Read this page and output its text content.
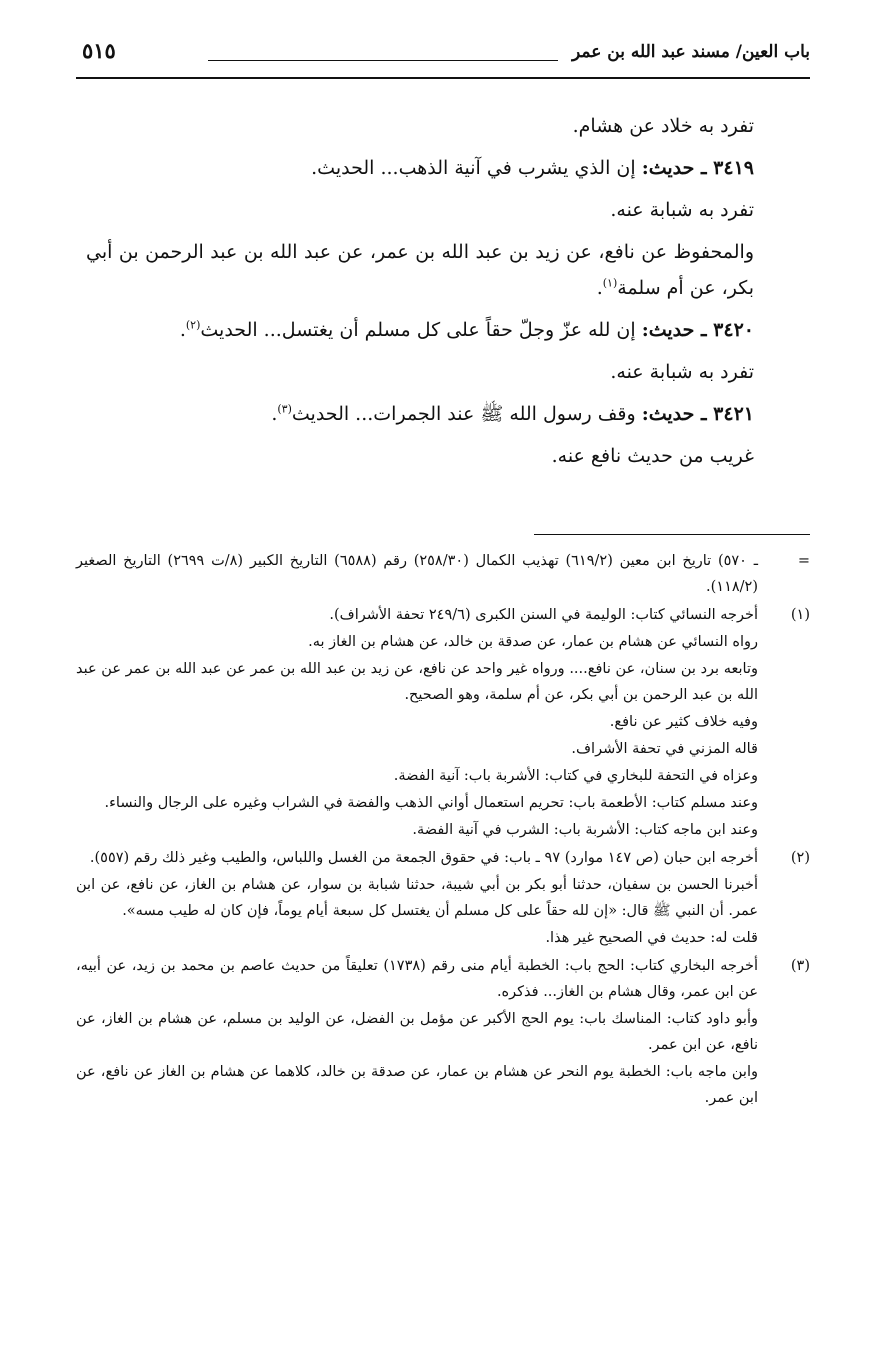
باب العين/ مسند عبد الله بن عمر
٥١٥

تفرد به خلاد عن هشام.

٣٤١٩ ـ حديث: إن الذي يشرب في آنية الذهب... الحديث.

تفرد به شبابة عنه.

والمحفوظ عن نافع، عن زيد بن عبد الله بن عمر، عن عبد الله بن عبد الرحمن بن أبي بكر، عن أم سلمة$^{(١)}$.

٣٤٢٠ ـ حديث: إن لله عزّ وجلّ حقاً على كل مسلم أن يغتسل... الحديث$^{(٢)}$.

تفرد به شبابة عنه.

٣٤٢١ ـ حديث: وقف رسول الله ﷺ عند الجمرات... الحديث$^{(٣)}$.

غريب من حديث نافع عنه.

=

ـ ٥٧٠) تاريخ ابن معين (٦١٩/٢) تهذيب الكمال (٢٥٨/٣٠) رقم (٦٥٨٨) التاريخ الكبير (٨/ت ٢٦٩٩) التاريخ الصغير (١١٨/٢).

(١)

أخرجه النسائي كتاب: الوليمة في السنن الكبرى (٢٤٩/٦ تحفة الأشراف).

رواه النسائي عن هشام بن عمار، عن صدقة بن خالد، عن هشام بن الغاز به.

وتابعه برد بن سنان، عن نافع.... ورواه غير واحد عن نافع، عن زيد بن عبد الله بن عمر عن عبد الله بن عمر عن عبد الله بن عبد الرحمن بن أبي بكر، عن أم سلمة، وهو الصحيح.

وفيه خلاف كثير عن نافع.

قاله المزني في تحفة الأشراف.

وعزاه في التحفة للبخاري في كتاب: الأشربة باب: آنية الفضة.

وعند مسلم كتاب: الأطعمة باب: تحريم استعمال أواني الذهب والفضة في الشراب وغيره على الرجال والنساء.

وعند ابن ماجه كتاب: الأشربة باب: الشرب في آنية الفضة.

(٢)

أخرجه ابن حبان (ص ١٤٧ موارد) ٩٧ ـ باب: في حقوق الجمعة من الغسل واللباس، والطيب وغير ذلك رقم (٥٥٧).

أخبرنا الحسن بن سفيان، حدثنا أبو بكر بن أبي شيبة، حدثنا شبابة بن سوار، عن هشام بن الغاز، عن نافع، عن ابن عمر. أن النبي ﷺ قال: «إن لله حقاً على كل مسلم أن يغتسل كل سبعة أيام يوماً، فإن كان له طيب مسه».

قلت له: حديث في الصحيح غير هذا.

(٣)

أخرجه البخاري كتاب: الحج باب: الخطبة أيام منى رقم (١٧٣٨) تعليقاً من حديث عاصم بن محمد بن زيد، عن أبيه، عن ابن عمر، وقال هشام بن الغاز... فذكره.

وأبو داود كتاب: المناسك باب: يوم الحج الأكبر عن مؤمل بن الفضل، عن الوليد بن مسلم، عن هشام بن الغاز، عن نافع، عن ابن عمر.

وابن ماجه باب: الخطبة يوم النحر عن هشام بن عمار، عن صدقة بن خالد، كلاهما عن هشام بن الغاز عن نافع، عن ابن عمر.
